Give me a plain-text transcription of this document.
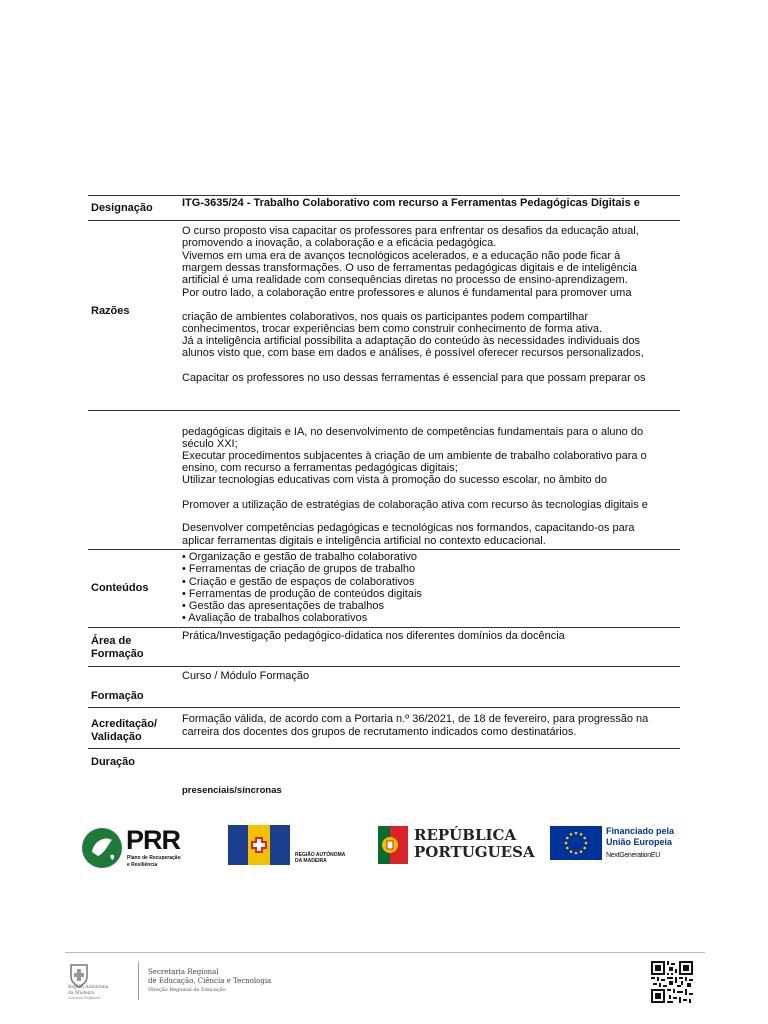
Designação	ITG-3635/24 - Trabalho Colaborativo com recurso a Ferramentas Pedagógicas Digitais e
Razões
O curso proposto visa capacitar os professores para enfrentar os desafios da educação atual,
promovendo a inovação, a colaboração e a eficácia pedagógica.
Vivemos em uma era de avanços tecnológicos acelerados, e a educação não pode ficar à
margem dessas transformações. O uso de ferramentas pedagógicas digitais e de inteligência
artificial é uma realidade com consequências diretas no processo de ensino-aprendizagem.
Por outro lado, a colaboração entre professores e alunos é fundamental para promover uma
criação de ambientes colaborativos, nos quais os participantes podem compartilhar
conhecimentos, trocar experiências bem como construir conhecimento de forma ativa.
Já a inteligência artificial possibilita a adaptação do conteúdo às necessidades individuais dos
alunos visto que, com base em dados e análises, é possível oferecer recursos personalizados,
Capacitar os professores no uso dessas ferramentas é essencial para que possam preparar os
pedagógicas digitais e IA, no desenvolvimento de competências fundamentais para o aluno do
século XXI;
Executar procedimentos subjacentes à criação de um ambiente de trabalho colaborativo para o
ensino, com recurso a ferramentas pedagógicas digitais;
Utilizar tecnologias educativas com vista à promoção do sucesso escolar, no âmbito do
Promover a utilização de estratégias de colaboração ativa com recurso às tecnologias digitais e
Desenvolver competências pedagógicas e tecnológicas nos formandos, capacitando-os para
aplicar ferramentas digitais e inteligência artificial no contexto educacional.
Conteúdos
• Organização e gestão de trabalho colaborativo
• Ferramentas de criação de grupos de trabalho
• Criação e gestão de espaços de colaborativos
• Ferramentas de produção de conteúdos digitais
• Gestão das apresentações de trabalhos
• Avaliação de trabalhos colaborativos
Área de
Formação
Prática/Investigação pedagógico-didatica nos diferentes domínios da docência
Formação
Curso / Módulo Formação
Acreditação/
Validação
Formação válida, de acordo com a Portaria n.º 36/2021, de 18 de fevereiro, para progressão na
carreira dos docentes dos grupos de recrutamento indicados como destinatários.
Duração
presenciais/síncronas
PRR
Plano de Recuperação
e Resiliência
REGIÃO AUTÓNOMA
DA MADEIRA
REPÚBLICA
PORTUGUESA
Financiado pela
União Europeia
NextGenerationEU
Região Autónoma
da Madeira
Governo Regional
Secretaria Regional
de Educação, Ciência e Tecnologia
Direção Regional de Educação
